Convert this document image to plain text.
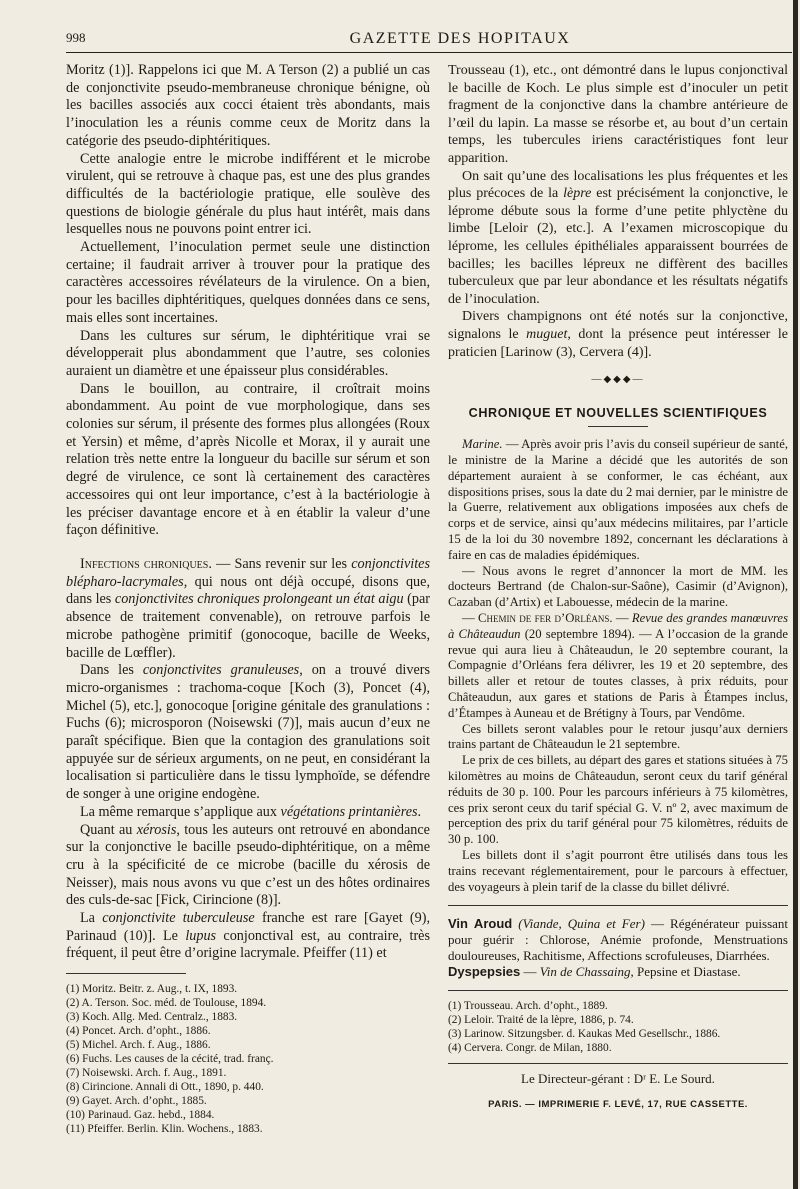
998	GAZETTE DES HOPITAUX

Moritz (1)]. Rappelons ici que M. A Terson (2) a publié un cas de conjonctivite pseudo-membraneuse chronique bénigne, où les bacilles associés aux cocci étaient très abondants, mais l’inoculation les a réunis comme ceux de Moritz dans la catégorie des pseudo-diphtéritiques.

Cette analogie entre le microbe indifférent et le microbe virulent, qui se retrouve à chaque pas, est une des plus grandes difficultés de la bactériologie pratique, elle soulève des questions de biologie générale du plus haut intérêt, mais dans lesquelles nous ne pouvons point entrer ici.

Actuellement, l’inoculation permet seule une distinction certaine; il faudrait arriver à trouver pour la pratique des caractères accessoires révélateurs de la virulence. On a bien, pour les bacilles diphtéritiques, quelques données dans ce sens, mais elles sont incertaines.

Dans les cultures sur sérum, le diphtéritique vrai se développerait plus abondamment que l’autre, ses colonies auraient un diamètre et une épaisseur plus considérables.

Dans le bouillon, au contraire, il croîtrait moins abondamment. Au point de vue morphologique, dans ses colonies sur sérum, il présente des formes plus allongées (Roux et Yersin) et même, d’après Nicolle et Morax, il y aurait une relation très nette entre la longueur du bacille sur sérum et son degré de virulence, ce sont là certainement des caractères accessoires qui ont leur importance, c’est à la bactériologie à les préciser davantage encore et à en établir la valeur d’une façon définitive.

Infections chroniques. — Sans revenir sur les conjonctivites blépharo-lacrymales, qui nous ont déjà occupé, disons que, dans les conjonctivites chroniques prolongeant un état aigu (par absence de traitement convenable), on retrouve parfois le microbe pathogène primitif (gonocoque, bacille de Weeks, bacille de Lœffler).

Dans les conjonctivites granuleuses, on a trouvé divers micro-organismes : trachoma-coque [Koch (3), Poncet (4), Michel (5), etc.], gonocoque [origine génitale des granulations : Fuchs (6); microsporon (Noisewski (7)], mais aucun d’eux ne paraît spécifique. Bien que la contagion des granulations soit appuyée sur de sérieux arguments, on ne peut, en considérant la localisation si particulière dans le tissu lymphoïde, se défendre de songer à une origine endogène.

La même remarque s’applique aux végétations printanières.

Quant au xérosis, tous les auteurs ont retrouvé en abondance sur la conjonctive le bacille pseudo-diphtéritique, on a même cru à la spécificité de ce microbe (bacille du xérosis de Neisser), mais nous avons vu que c’est un des hôtes ordinaires des culs-de-sac [Fick, Cirincione (8)].

La conjonctivite tuberculeuse franche est rare [Gayet (9), Parinaud (10)]. Le lupus conjonctival est, au contraire, très fréquent, il peut être d’origine lacrymale. Pfeiffer (11) et

(1) Moritz. Beitr. z. Aug., t. IX, 1893.

(2) A. Terson. Soc. méd. de Toulouse, 1894.

(3) Koch. Allg. Med. Centralz., 1883.

(4) Poncet. Arch. d’opht., 1886.

(5) Michel. Arch. f. Aug., 1886.

(6) Fuchs. Les causes de la cécité, trad. franç.

(7) Noisewski. Arch. f. Aug., 1891.

(8) Cirincione. Annali di Ott., 1890, p. 440.

(9) Gayet. Arch. d’opht., 1885.

(10) Parinaud. Gaz. hebd., 1884.

(11) Pfeiffer. Berlin. Klin. Wochens., 1883.

Trousseau (1), etc., ont démontré dans le lupus conjonctival le bacille de Koch. Le plus simple est d’inoculer un petit fragment de la conjonctive dans la chambre antérieure de l’œil du lapin. La masse se résorbe et, au bout d’un certain temps, les tubercules iriens caractéristiques font leur apparition.

On sait qu’une des localisations les plus fréquentes et les plus précoces de la lèpre est précisément la conjonctive, le léprome débute sous la forme d’une petite phlyctène du limbe [Leloir (2), etc.]. A l’examen microscopique du léprome, les cellules épithéliales apparaissent bourrées de bacilles; les bacilles lépreux ne diffèrent des bacilles tuberculeux que par leur abondance et les résultats négatifs de l’inoculation.

Divers champignons ont été notés sur la conjonctive, signalons le muguet, dont la présence peut intéresser le praticien [Larinow (3), Cervera (4)].

—◆◆◆—
CHRONIQUE ET NOUVELLES SCIENTIFIQUES

Marine. — Après avoir pris l’avis du conseil supérieur de santé, le ministre de la Marine a décidé que les autorités de son département auraient à se conformer, le cas échéant, aux dispositions prises, sous la date du 2 mai dernier, par le ministre de la Guerre, relativement aux obligations imposées aux chefs de corps et de service, ainsi qu’aux médecins militaires, par l’article 15 de la loi du 30 novembre 1892, concernant les déclarations à faire en cas de maladies épidémiques.

— Nous avons le regret d’annoncer la mort de MM. les docteurs Bertrand (de Chalon-sur-Saône), Casimir (d’Avignon), Cazaban (d’Artix) et Labouesse, médecin de la marine.

— Chemin de fer d’Orléans. — Revue des grandes manœuvres à Châteaudun (20 septembre 1894). — A l’occasion de la grande revue qui aura lieu à Châteaudun, le 20 septembre courant, la Compagnie d’Orléans fera délivrer, les 19 et 20 septembre, des billets aller et retour de toutes classes, à prix réduits, pour Châteaudun, aux gares et stations de Paris à Étampes inclus, d’Étampes à Auneau et de Brétigny à Tours, par Vendôme.

Ces billets seront valables pour le retour jusqu’aux derniers trains partant de Châteaudun le 21 septembre.

Le prix de ces billets, au départ des gares et stations situées à 75 kilomètres au moins de Châteaudun, seront ceux du tarif général réduits de 30 p. 100. Pour les parcours inférieurs à 75 kilomètres, ces prix seront ceux du tarif spécial G. V. nº 2, avec maximum de perception des prix du tarif général pour 75 kilomètres, réduits de 30 p. 100.

Les billets dont il s’agit pourront être utilisés dans tous les trains recevant réglementairement, pour le parcours à effectuer, des voyageurs à plein tarif de la classe du billet délivré.

Vin Aroud (Viande, Quina et Fer) — Régénérateur puissant pour guérir : Chlorose, Anémie profonde, Menstruations douloureuses, Rachitisme, Affections scrofuleuses, Diarrhées.

Dyspepsies — Vin de Chassaing, Pepsine et Diastase.

(1) Trousseau. Arch. d’opht., 1889.

(2) Leloir. Traité de la lèpre, 1886, p. 74.

(3) Larinow. Sitzungsber. d. Kaukas Med Gesellschr., 1886.

(4) Cervera. Congr. de Milan, 1880.

Le Directeur-gérant : Dʳ E. Le Sourd.
PARIS. — IMPRIMERIE F. LEVÉ, 17, RUE CASSETTE.
